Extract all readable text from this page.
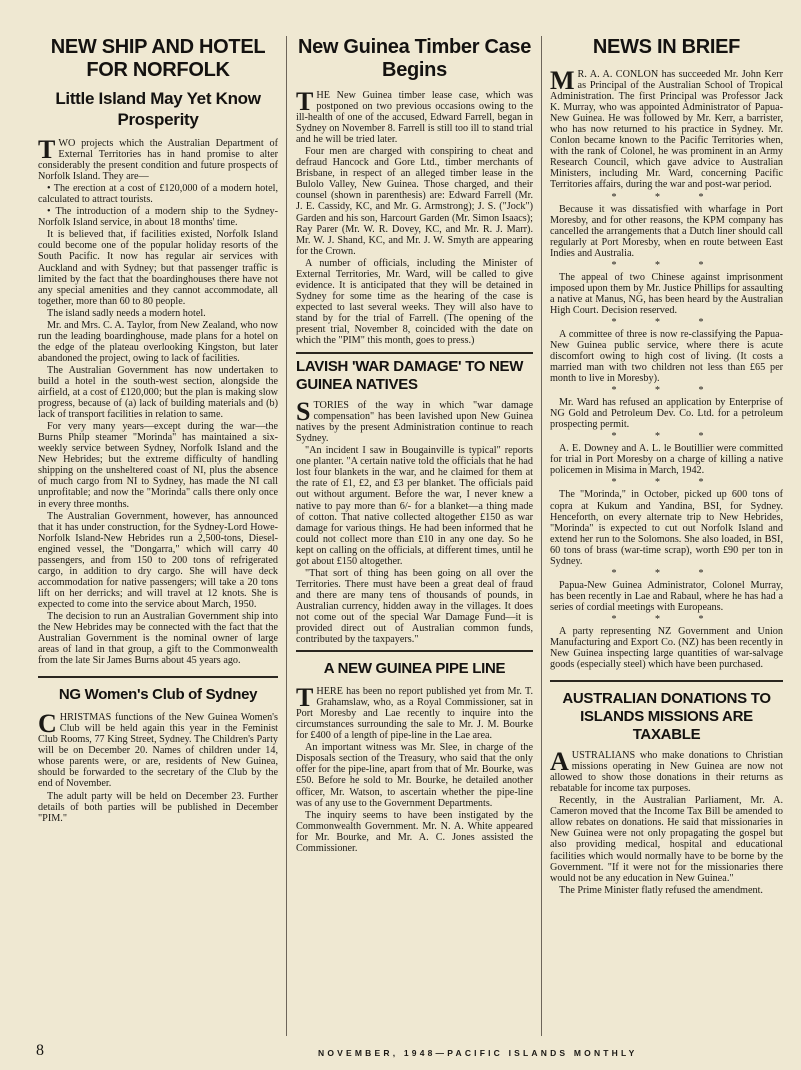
NEW SHIP AND HOTEL FOR NORFOLK
Little Island May Yet Know Prosperity

TWO projects which the Australian Department of External Territories has in hand promise to alter considerably the present condition and future prospects of Norfolk Island. They are—

• The erection at a cost of £120,000 of a modern hotel, calculated to attract tourists.

• The introduction of a modern ship to the Sydney-Norfolk Island service, in about 18 months' time.

It is believed that, if facilities existed, Norfolk Island could become one of the popular holiday resorts of the South Pacific. It now has regular air services with Auckland and with Sydney; but that passenger traffic is limited by the fact that the boardinghouses there have not any special amenities and they cannot accommodate, all together, more than 60 to 80 people.

The island sadly needs a modern hotel.

Mr. and Mrs. C. A. Taylor, from New Zealand, who now run the leading boardinghouse, made plans for a hotel on the edge of the plateau overlooking Kingston, but later abandoned the project, owing to lack of facilities.

The Australian Government has now undertaken to build a hotel in the south-west section, alongside the airfield, at a cost of £120,000; but the plan is making slow progress, because of (a) lack of building materials and (b) lack of transport facilities in relation to same.

For very many years—except during the war—the Burns Philp steamer "Morinda" has maintained a six-weekly service between Sydney, Norfolk Island and the New Hebrides; but the extreme difficulty of handling shipping on the unsheltered coast of NI, plus the absence of much cargo from NI to Sydney, has made the NI call unprofitable; and now the "Morinda" calls there only once in every three months.

The Australian Government, however, has announced that it has under construction, for the Sydney-Lord Howe-Norfolk Island-New Hebrides run a 2,500-tons, Diesel-engined vessel, the "Dongarra," which will carry 40 passengers, and from 150 to 200 tons of refrigerated cargo, in addition to dry cargo. She will have deck accommodation for native passengers; will take a 20 tons lift on her derricks; and will travel at 12 knots. She is expected to come into the service about March, 1950.

The decision to run an Australian Government ship into the New Hebrides may be connected with the fact that the Australian Government is the nominal owner of large areas of land in that group, a gift to the Commonwealth from the late Sir James Burns about 45 years ago.

NG Women's Club of Sydney

CHRISTMAS functions of the New Guinea Women's Club will be held again this year in the Feminist Club Rooms, 77 King Street, Sydney. The Children's Party will be on December 20. Names of children under 14, whose parents were, or are, residents of New Guinea, should be forwarded to the secretary of the Club by the end of November.

The adult party will be held on December 23. Further details of both parties will be published in December "PIM."

New Guinea Timber Case Begins

THE New Guinea timber lease case, which was postponed on two previous occasions owing to the ill-health of one of the accused, Edward Farrell, began in Sydney on November 8. Farrell is still too ill to stand trial and he will be tried later.

Four men are charged with conspiring to cheat and defraud Hancock and Gore Ltd., timber merchants of Brisbane, in respect of an alleged timber lease in the Bulolo Valley, New Guinea. Those charged, and their counsel (shown in parenthesis) are: Edward Farrell (Mr. J. E. Cassidy, KC, and Mr. G. Armstrong); J. S. ("Jock") Garden and his son, Harcourt Garden (Mr. Simon Isaacs); Ray Parer (Mr. W. R. Dovey, KC, and Mr. R. J. Marr). Mr. W. J. Shand, KC, and Mr. J. W. Smyth are appearing for the Crown.

A number of officials, including the Minister of External Territories, Mr. Ward, will be called to give evidence. It is anticipated that they will be detained in Sydney for some time as the hearing of the case is expected to last several weeks. They will also have to stand by for the trial of Farrell. (The opening of the present trial, November 8, coincided with the date on which the "PIM" this month, goes to press.)

LAVISH 'WAR DAMAGE' TO NEW GUINEA NATIVES

STORIES of the way in which "war damage compensation" has been lavished upon New Guinea natives by the present Administration continue to reach Sydney.

"An incident I saw in Bougainville is typical" reports one planter. "A certain native told the officials that he had lost four blankets in the war, and he claimed for them at the rate of £1, £2, and £3 per blanket. The officials paid out without argument. Before the war, I never knew a native to pay more than 6/- for a blanket—a thing made of cotton. That native collected altogether £150 as war damage for various things. He had been informed that he could not collect more than £10 in any one day. So he kept on calling on the officials, at different times, until he got about £150 altogether.

"That sort of thing has been going on all over the Territories. There must have been a great deal of fraud and there are many tens of thousands of pounds, in Australian currency, hidden away in the villages. It does not come out of the special War Damage Fund—it is provided direct out of Australian common funds, contributed by the taxpayers."

A NEW GUINEA PIPE LINE

THERE has been no report published yet from Mr. T. Grahamslaw, who, as a Royal Commissioner, sat in Port Moresby and Lae recently to inquire into the circumstances surrounding the sale to Mr. J. M. Bourke for £400 of a length of pipe-line in the Lae area.

An important witness was Mr. Slee, in charge of the Disposals section of the Treasury, who said that the only offer for the pipe-line, apart from that of Mr. Bourke, was £50. Before he sold to Mr. Bourke, he detailed another officer, Mr. Watson, to ascertain whether the pipe-line was of any use to the Government Departments.

The inquiry seems to have been instigated by the Commonwealth Government. Mr. N. A. White appeared for Mr. Bourke, and Mr. A. C. Jones assisted the Commissioner.

NEWS IN BRIEF

M R. A. A. CONLON has succeeded Mr. John Kerr as Principal of the Australian School of Tropical Administration. The first Principal was Professor Jack K. Murray, who was appointed Administrator of Papua-New Guinea. He was followed by Mr. Kerr, a barrister, who has now returned to his practice in Sydney. Mr. Conlon became known to the Pacific Territories when, with the rank of Colonel, he was prominent in an Army Research Council, which gave advice to Australian Ministers, including Mr. Ward, concerning Pacific Territories affairs, during the war and post-war period.

* * *

Because it was dissatisfied with wharfage in Port Moresby, and for other reasons, the KPM company has cancelled the arrangements that a Dutch liner should call regularly at Port Moresby, when en route between East Indies and Australia.

* * *

The appeal of two Chinese against imprisonment imposed upon them by Mr. Justice Phillips for assaulting a native at Manus, NG, has been heard by the Australian High Court. Decision reserved.

* * *

A committee of three is now re-classifying the Papua-New Guinea public service, where there is acute discomfort owing to high cost of living. (It costs a married man with two children not less than £65 per month to live in Moresby).

* * *

Mr. Ward has refused an application by Enterprise of NG Gold and Petroleum Dev. Co. Ltd. for a petroleum prospecting permit.

* * *

A. E. Downey and A. L. le Boutillier were committed for trial in Port Moresby on a charge of killing a native policemen in Misima in March, 1942.

* * *

The "Morinda," in October, picked up 600 tons of copra at Kukum and Yandina, BSI, for Sydney. Henceforth, on every alternate trip to New Hebrides, "Morinda" is expected to cut out Norfolk Island and extend her run to the Solomons. She also loaded, in BSI, 60 tons of brass (war-time scrap), worth £90 per ton in Sydney.

* * *

Papua-New Guinea Administrator, Colonel Murray, has been recently in Lae and Rabaul, where he has had a series of cordial meetings with Europeans.

* * *

A party representing NZ Government and Union Manufacturing and Export Co. (NZ) has been recently in New Guinea inspecting large quantities of war-salvage goods (especially steel) which have been purchased.

AUSTRALIAN DONATIONS TO ISLANDS MISSIONS ARE TAXABLE

AUSTRALIANS who make donations to Christian missions operating in New Guinea are now not allowed to show those donations in their returns as rebatable for income tax purposes.

Recently, in the Australian Parliament, Mr. A. Cameron moved that the Income Tax Bill be amended to allow rebates on donations. He said that missionaries in New Guinea were not only propagating the gospel but also providing medical, hospital and educational facilities which would normally have to be borne by the Government. "If it were not for the missionaries there would not be any education in New Guinea."

The Prime Minister flatly refused the amendment.

8	NOVEMBER, 1948—PACIFIC ISLANDS MONTHLY
